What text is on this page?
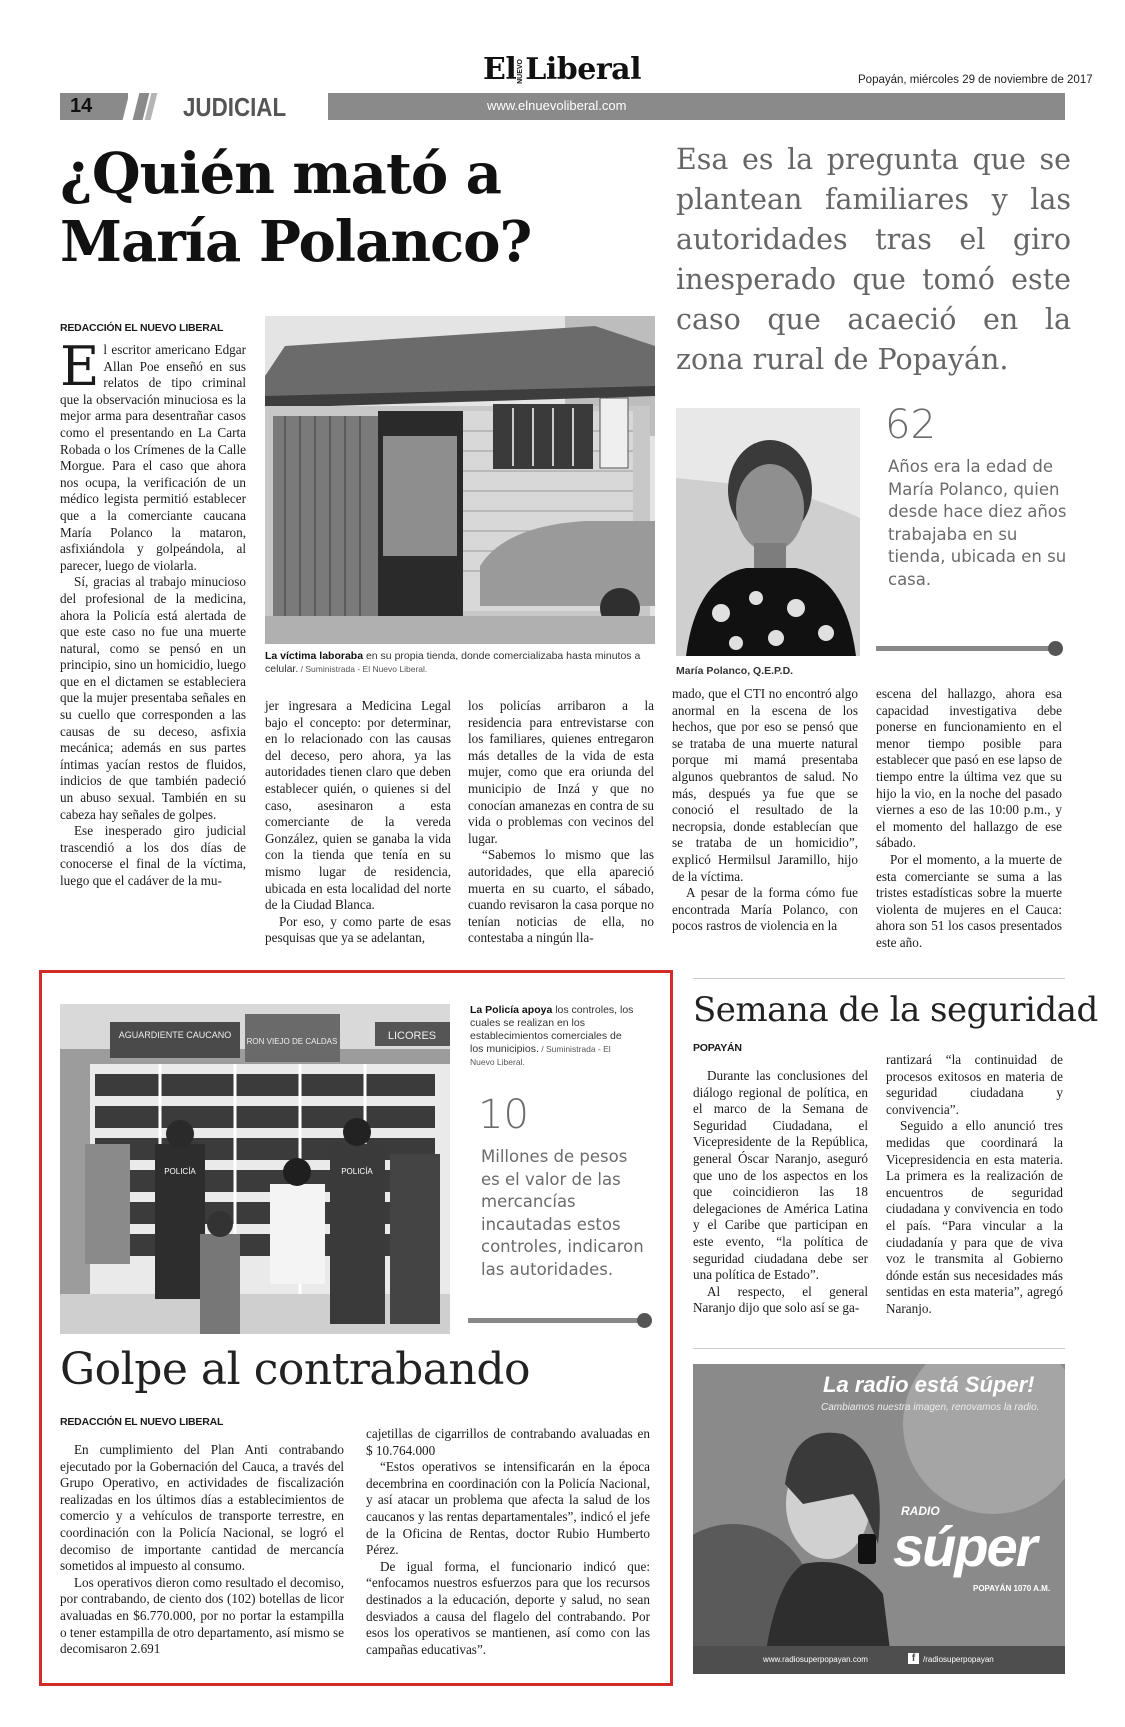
ElNUEVOLiberal	Popayán, miércoles 29 de noviembre de 2017
14	JUDICIAL	www.elnuevoliberal.com
¿Quién mató a
María Polanco?
Esa es la pregunta que se plantean familiares y las autoridades tras el giro inesperado que tomó este caso que acaeció en la zona rural de Popayán.
REDACCIÓN EL NUEVO LIBERAL

El escritor americano Edgar Allan Poe enseñó en sus relatos de tipo criminal que la observación minuciosa es la mejor arma para desentrañar casos como el presentando en La Carta Robada o los Crímenes de la Calle Morgue. Para el caso que ahora nos ocupa, la verificación de un médico legista permitió establecer que a la comerciante caucana María Polanco la mataron, asfixiándola y golpeándola, al parecer, luego de violarla.

Sí, gracias al trabajo minucioso del profesional de la medicina, ahora la Policía está alertada de que este caso no fue una muerte natural, como se pensó en un principio, sino un homicidio, luego que en el dictamen se estableciera que la mujer presentaba señales en su cuello que corresponden a las causas de su deceso, asfixia mecánica; además en sus partes íntimas yacían restos de fluidos, indicios de que también padeció un abuso sexual. También en su cabeza hay señales de golpes.

Ese inesperado giro judicial trascendió a los dos días de conocerse el final de la víctima, luego que el cadáver de la mu-

La víctima laboraba en su propia tienda, donde comercializaba hasta minutos a celular. / Suministrada - El Nuevo Liberal.	María Polanco, Q.E.P.D.
62
Años era la edad de María Polanco, quien desde hace diez años trabajaba en su tienda, ubicada en su casa.

jer ingresara a Medicina Legal bajo el concepto: por determinar, en lo relacionado con las causas del deceso, pero ahora, ya las autoridades tienen claro que deben establecer quién, o quienes si del caso, asesinaron a esta comerciante de la vereda González, quien se ganaba la vida con la tienda que tenía en su mismo lugar de residencia, ubicada en esta localidad del norte de la Ciudad Blanca.

Por eso, y como parte de esas pesquisas que ya se adelantan,

los policías arribaron a la residencia para entrevistarse con los familiares, quienes entregaron más detalles de la vida de esta mujer, como que era oriunda del municipio de Inzá y que no conocían amanezas en contra de su vida o problemas con vecinos del lugar.

“Sabemos lo mismo que las autoridades, que ella apareció muerta en su cuarto, el sábado, cuando revisaron la casa porque no tenían noticias de ella, no contestaba a ningún lla-

mado, que el CTI no encontró algo anormal en la escena de los hechos, que por eso se pensó que se trataba de una muerte natural porque mi mamá presentaba algunos quebrantos de salud. No más, después ya fue que se conoció el resultado de la necropsia, donde establecían que se trataba de un homicidio”, explicó Hermilsul Jaramillo, hijo de la víctima.

A pesar de la forma cómo fue encontrada María Polanco, con pocos rastros de violencia en la

escena del hallazgo, ahora esa capacidad investigativa debe ponerse en funcionamiento en el menor tiempo posible para establecer que pasó en ese lapso de tiempo entre la última vez que su hijo la vio, en la noche del pasado viernes a eso de las 10:00 p.m., y el momento del hallazgo de ese sábado.

Por el momento, a la muerte de esta comerciante se suma a las tristes estadísticas sobre la muerte violenta de mujeres en el Cauca: ahora son 51 los casos presentados este año.

AGUARDIENTE CAUCANO
RON VIEJO DE CALDAS	LICORES
POLICÍA	POLICÍA
La Policía apoya los controles, los cuales se realizan en los establecimientos comerciales de los municipios. / Suministrada - El Nuevo Liberal.
10
Millones de pesos es el valor de las mercancías incautadas estos controles, indicaron las autoridades.
Golpe al contrabando
REDACCIÓN EL NUEVO LIBERAL

En cumplimiento del Plan Anti contrabando ejecutado por la Gobernación del Cauca, a través del Grupo Operativo, en actividades de fiscalización realizadas en los últimos días a establecimientos de comercio y a vehículos de transporte terrestre, en coordinación con la Policía Nacional, se logró el decomiso de importante cantidad de mercancía sometidos al impuesto al consumo.

Los operativos dieron como resultado el decomiso, por contrabando, de ciento dos (102) botellas de licor avaluadas en $6.770.000, por no portar la estampilla o tener estampilla de otro departamento, así mismo se decomisaron 2.691

cajetillas de cigarrillos de contrabando avaluadas en $ 10.764.000

“Estos operativos se intensificarán en la época decembrina en coordinación con la Policía Nacional, y así atacar un problema que afecta la salud de los caucanos y las rentas departamentales”, indicó el jefe de la Oficina de Rentas, doctor Rubio Humberto Pérez.

De igual forma, el funcionario indicó que: “enfocamos nuestros esfuerzos para que los recursos destinados a la educación, deporte y salud, no sean desviados a causa del flagelo del contrabando. Por esos los operativos se mantienen, así como con las campañas educativas”.

Semana de la seguridad
POPAYÁN

Durante las conclusiones del diálogo regional de política, en el marco de la Semana de Seguridad Ciudadana, el Vicepresidente de la República, general Óscar Naranjo, aseguró que uno de los aspectos en los que coincidieron las 18 delegaciones de América Latina y el Caribe que participan en este evento, “la política de seguridad ciudadana debe ser una política de Estado”.

Al respecto, el general Naranjo dijo que solo así se ga-

rantizará “la continuidad de procesos exitosos en materia de seguridad ciudadana y convivencia”.

Seguido a ello anunció tres medidas que coordinará la Vicepresidencia en esta materia. La primera es la realización de encuentros de seguridad ciudadana y convivencia en todo el país. “Para vincular a la ciudadanía y para que de viva voz le transmita al Gobierno dónde están sus necesidades más sentidas en esta materia”, agregó Naranjo.

La radio está Súper!
Cambiamos nuestra imagen, renovamos la radio.
RADIO
súper
POPAYÁN 1070 A.M.
www.radiosuperpopayan.com	f /radiosuperpopayan
